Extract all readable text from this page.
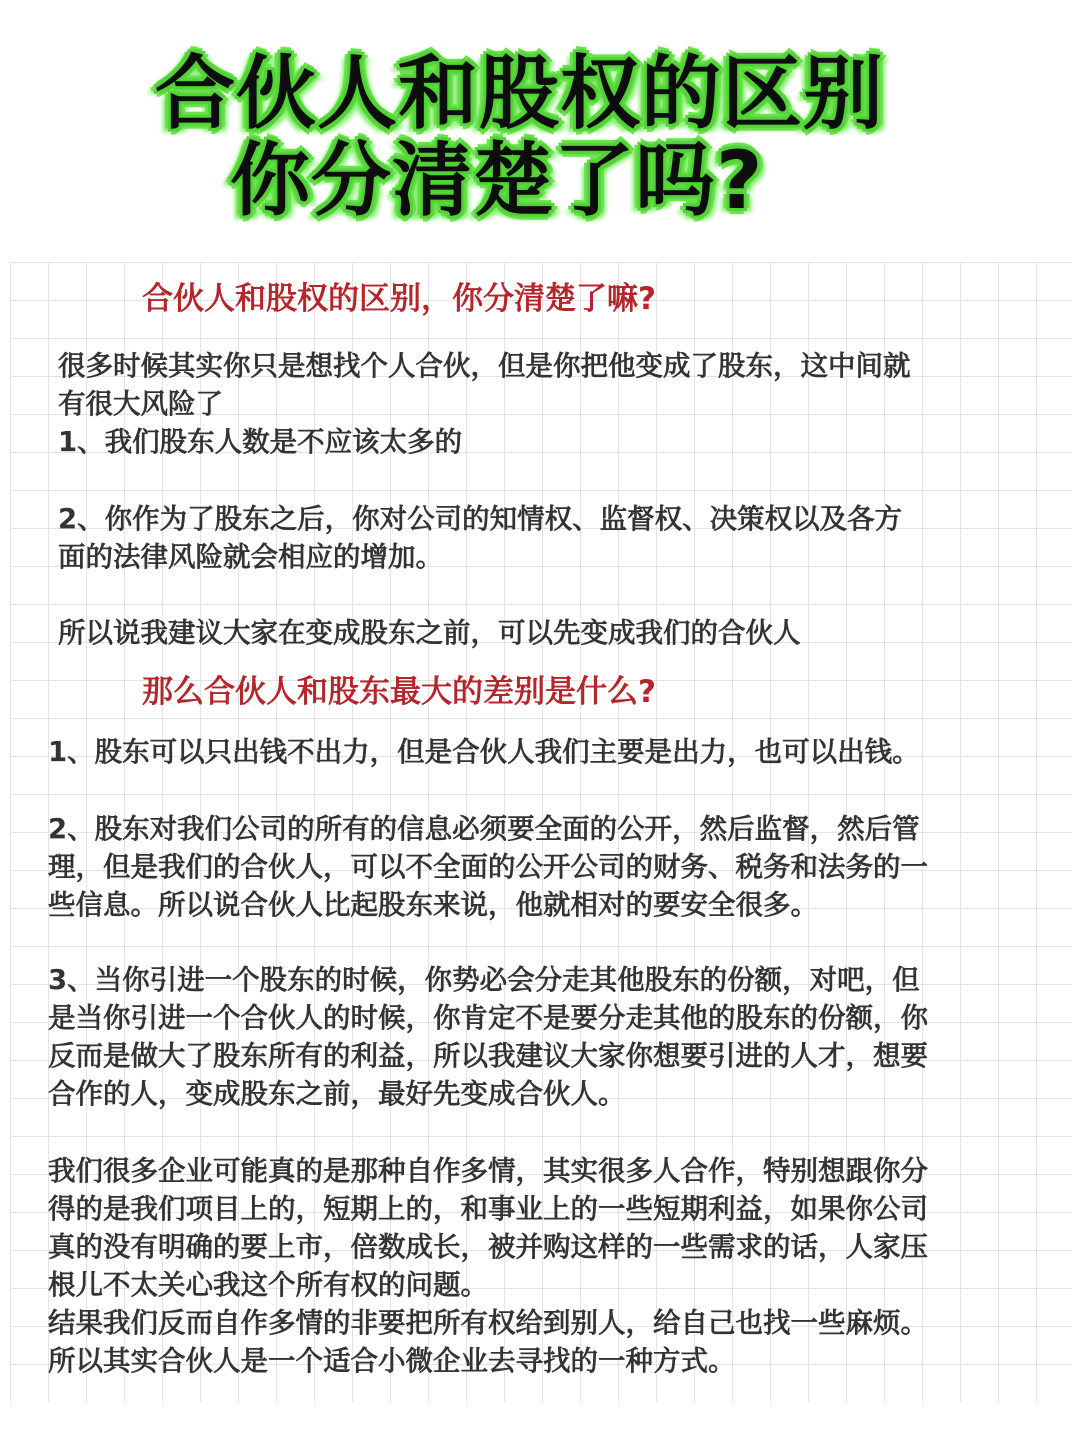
合伙人和股权的区别
你分清楚了吗?
合伙人和股权的区别，你分清楚了嘛?
很多时候其实你只是想找个人合伙，但是你把他变成了股东，这中间就
有很大风险了
1、我们股东人数是不应该太多的
2、你作为了股东之后，你对公司的知情权、监督权、决策权以及各方
面的法律风险就会相应的增加。
所以说我建议大家在变成股东之前，可以先变成我们的合伙人
那么合伙人和股东最大的差别是什么?
1、股东可以只出钱不出力，但是合伙人我们主要是出力，也可以出钱。
2、股东对我们公司的所有的信息必须要全面的公开，然后监督，然后管
理，但是我们的合伙人，可以不全面的公开公司的财务、税务和法务的一
些信息。所以说合伙人比起股东来说，他就相对的要安全很多。
3、当你引进一个股东的时候，你势必会分走其他股东的份额，对吧，但
是当你引进一个合伙人的时候，你肯定不是要分走其他的股东的份额，你
反而是做大了股东所有的利益，所以我建议大家你想要引进的人才，想要
合作的人，变成股东之前，最好先变成合伙人。
我们很多企业可能真的是那种自作多情，其实很多人合作，特别想跟你分
得的是我们项目上的，短期上的，和事业上的一些短期利益，如果你公司
真的没有明确的要上市，倍数成长，被并购这样的一些需求的话，人家压
根儿不太关心我这个所有权的问题。
结果我们反而自作多情的非要把所有权给到别人，给自己也找一些麻烦。
所以其实合伙人是一个适合小微企业去寻找的一种方式。
